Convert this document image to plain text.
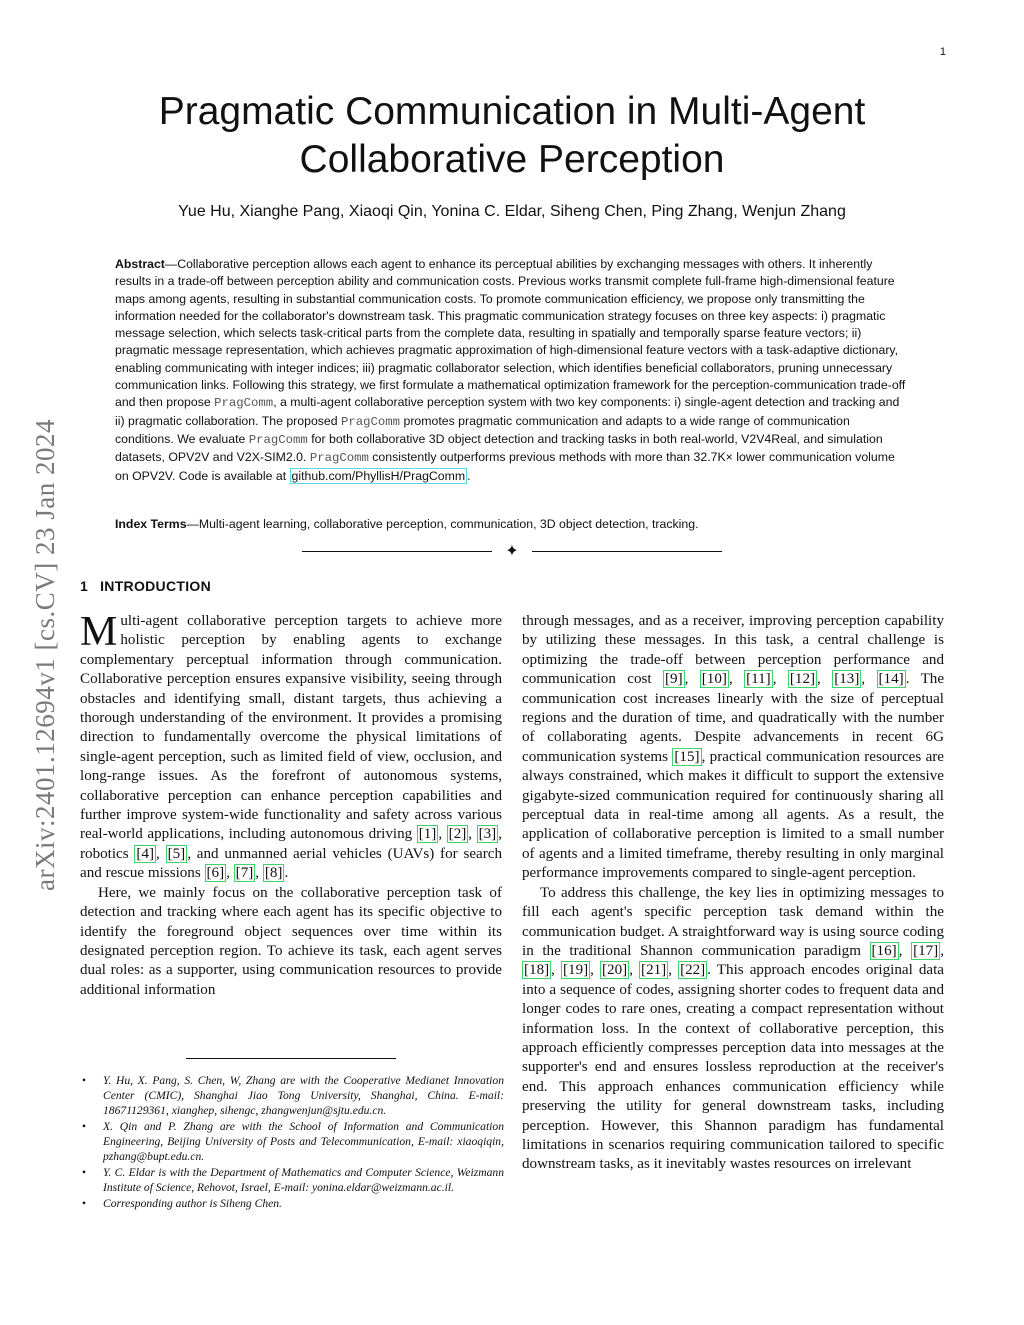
1
arXiv:2401.12694v1 [cs.CV] 23 Jan 2024
Pragmatic Communication in Multi-Agent
Collaborative Perception
Yue Hu, Xianghe Pang, Xiaoqi Qin, Yonina C. Eldar, Siheng Chen, Ping Zhang, Wenjun Zhang
Abstract—Collaborative perception allows each agent to enhance its perceptual abilities by exchanging messages with others. It inherently results in a trade-off between perception ability and communication costs. Previous works transmit complete full-frame high-dimensional feature maps among agents, resulting in substantial communication costs. To promote communication efficiency, we propose only transmitting the information needed for the collaborator's downstream task. This pragmatic communication strategy focuses on three key aspects: i) pragmatic message selection, which selects task-critical parts from the complete data, resulting in spatially and temporally sparse feature vectors; ii) pragmatic message representation, which achieves pragmatic approximation of high-dimensional feature vectors with a task-adaptive dictionary, enabling communicating with integer indices; iii) pragmatic collaborator selection, which identifies beneficial collaborators, pruning unnecessary communication links. Following this strategy, we first formulate a mathematical optimization framework for the perception-communication trade-off and then propose PragComm, a multi-agent collaborative perception system with two key components: i) single-agent detection and tracking and ii) pragmatic collaboration. The proposed PragComm promotes pragmatic communication and adapts to a wide range of communication conditions. We evaluate PragComm for both collaborative 3D object detection and tracking tasks in both real-world, V2V4Real, and simulation datasets, OPV2V and V2X-SIM2.0. PragComm consistently outperforms previous methods with more than 32.7K× lower communication volume on OPV2V. Code is available at github.com/PhyllisH/PragComm .
Index Terms—Multi-agent learning, collaborative perception, communication, 3D object detection, tracking.
✦
1 INTRODUCTION

Multi-agent collaborative perception targets to achieve more holistic perception by enabling agents to exchange complementary perceptual information through communication. Collaborative perception ensures expansive visibility, seeing through obstacles and identifying small, distant targets, thus achieving a thorough understanding of the environment. It provides a promising direction to fundamentally overcome the physical limitations of single-agent perception, such as limited field of view, occlusion, and long-range issues. As the forefront of autonomous systems, collaborative perception can enhance perception capabilities and further improve system-wide functionality and safety across various real-world applications, including autonomous driving [1] , [2] , [3] , robotics [4] , [5] , and unmanned aerial vehicles (UAVs) for search and rescue missions [6] , [7] , [8] .

Here, we mainly focus on the collaborative perception task of detection and tracking where each agent has its specific objective to identify the foreground object sequences over time within its designated perception region. To achieve its task, each agent serves dual roles: as a supporter, using communication resources to provide additional information

through messages, and as a receiver, improving perception capability by utilizing these messages. In this task, a central challenge is optimizing the trade-off between perception performance and communication cost [9] , [10] , [11] , [12] , [13] , [14] . The communication cost increases linearly with the size of perceptual regions and the duration of time, and quadratically with the number of collaborating agents. Despite advancements in recent 6G communication systems [15] , practical communication resources are always constrained, which makes it difficult to support the extensive gigabyte-sized communication required for continuously sharing all perceptual data in real-time among all agents. As a result, the application of collaborative perception is limited to a small number of agents and a limited timeframe, thereby resulting in only marginal performance improvements compared to single-agent perception.

To address this challenge, the key lies in optimizing messages to fill each agent's specific perception task demand within the communication budget. A straightforward way is using source coding in the traditional Shannon communication paradigm [16] , [17] , [18] , [19] , [20] , [21] , [22] . This approach encodes original data into a sequence of codes, assigning shorter codes to frequent data and longer codes to rare ones, creating a compact representation without information loss. In the context of collaborative perception, this approach efficiently compresses perception data into messages at the supporter's end and ensures lossless reproduction at the receiver's end. This approach enhances communication efficiency while preserving the utility for general downstream tasks, including perception. However, this Shannon paradigm has fundamental limitations in scenarios requiring communication tailored to specific downstream tasks, as it inevitably wastes resources on irrelevant

• Y. Hu, X. Pang, S. Chen, W, Zhang are with the Cooperative Medianet Innovation Center (CMIC), Shanghai Jiao Tong University, Shanghai, China. E-mail: 18671129361, xianghep, sihengc, zhangwenjun@sjtu.edu.cn.
• X. Qin and P. Zhang are with the School of Information and Communication Engineering, Beijing University of Posts and Telecommunication, E-mail: xiaoqiqin, pzhang@bupt.edu.cn.
• Y. C. Eldar is with the Department of Mathematics and Computer Science, Weizmann Institute of Science, Rehovot, Israel, E-mail: yonina.eldar@weizmann.ac.il.
• Corresponding author is Siheng Chen.
